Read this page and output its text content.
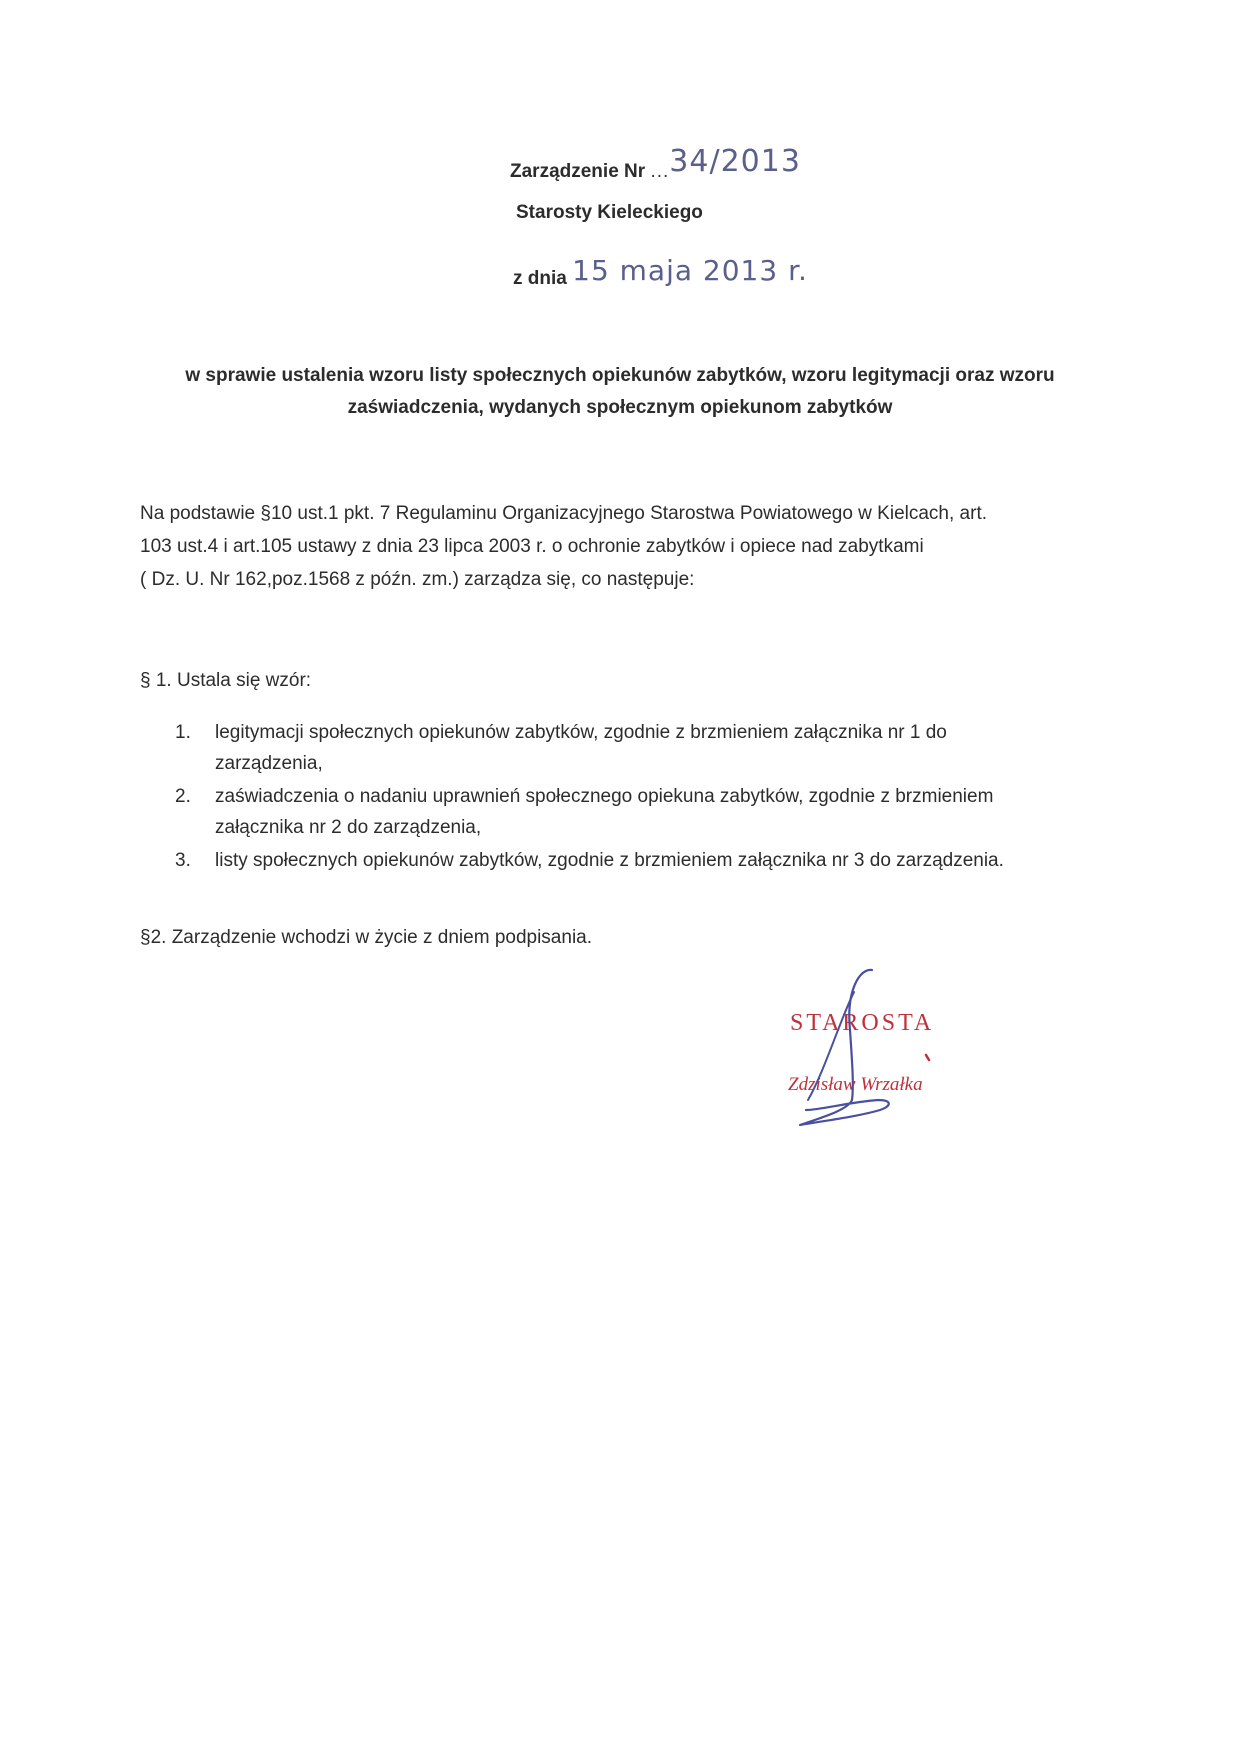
Zarządzenie Nr ...34/2013
Starosty Kieleckiego
z dnia 15 maja 2013 r.
w sprawie ustalenia wzoru listy społecznych opiekunów zabytków, wzoru legitymacji oraz wzoru
zaświadczenia, wydanych społecznym opiekunom zabytków
Na podstawie §10 ust.1 pkt. 7 Regulaminu Organizacyjnego Starostwa Powiatowego w Kielcach, art.
103 ust.4 i art.105 ustawy z dnia 23 lipca 2003 r. o ochronie zabytków i opiece nad zabytkami
( Dz. U. Nr 162,poz.1568 z późn. zm.) zarządza się, co następuje:
§ 1. Ustala się wzór:
1. legitymacji społecznych opiekunów zabytków, zgodnie z brzmieniem załącznika nr 1 do
zarządzenia,
2. zaświadczenia o nadaniu uprawnień społecznego opiekuna zabytków, zgodnie z brzmieniem
załącznika nr 2 do zarządzenia,
3. listy społecznych opiekunów zabytków, zgodnie z brzmieniem załącznika nr 3 do zarządzenia.
§2. Zarządzenie wchodzi w życie z dniem podpisania.
STAROSTA
Zdzisław Wrzałka
